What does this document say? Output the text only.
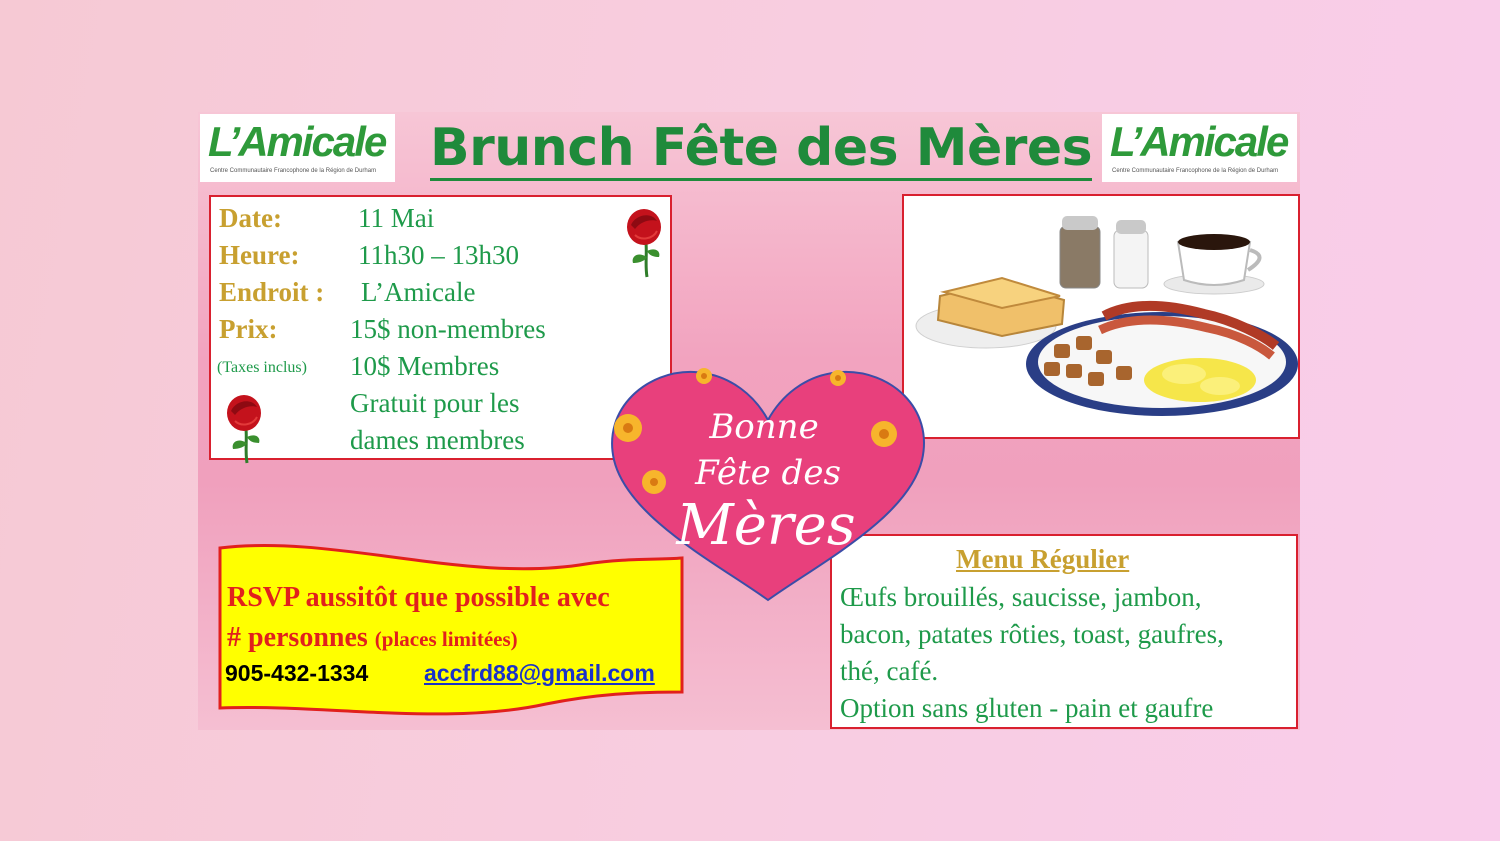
L’Amicale
Centre Communautaire Francophone de la Région de Durham Brunch Fête des Mères L’Amicale
Centre Communautaire Francophone de la Région de Durham
Date:	11 Mai
Heure: 11h30 – 13h30
Endroit : L’Amicale
Prix:	15$ non-membres
(Taxes inclus) 10$ Membres
Gratuit pour les
dames membres
RSVP aussitôt que possible avec
# personnes (places limitées)
905-432-1334 accfrd88@gmail.com
Menu Régulier
Œufs brouillés, saucisse, jambon,
bacon, patates rôties, toast, gaufres,
thé, café.
Option sans gluten - pain et gaufre
Bonne
Fête des
Mères
